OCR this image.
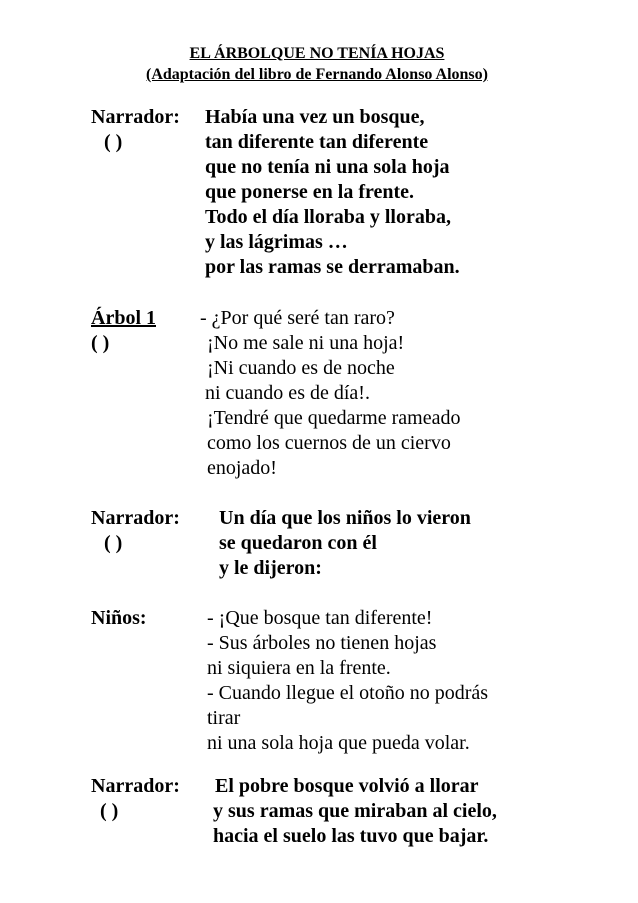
EL ÁRBOLQUE NO TENÍA HOJAS
(Adaptación del libro de Fernando Alonso Alonso)
Narrador:
( )
Había una vez un bosque,
tan diferente tan diferente
que no tenía ni una sola hoja
que ponerse en la frente.
Todo el día lloraba y lloraba,
y las lágrimas …
por las ramas se derramaban.
Árbol 1
( )
- ¿Por qué seré tan raro?
¡No me sale ni una hoja!
¡Ni cuando es de noche
ni cuando es de día!.
¡Tendré que quedarme rameado
como los cuernos de un ciervo
enojado!
Narrador:
( )
Un día que los niños lo vieron
se quedaron con él
y le dijeron:
Niños:	- ¡Que bosque tan diferente!
- Sus árboles no tienen hojas
ni siquiera en la frente.
- Cuando llegue el otoño no podrás
tirar
ni una sola hoja que pueda volar.
Narrador:
( )
El pobre bosque volvió a llorar
y sus ramas que miraban al cielo,
hacia el suelo las tuvo que bajar.
